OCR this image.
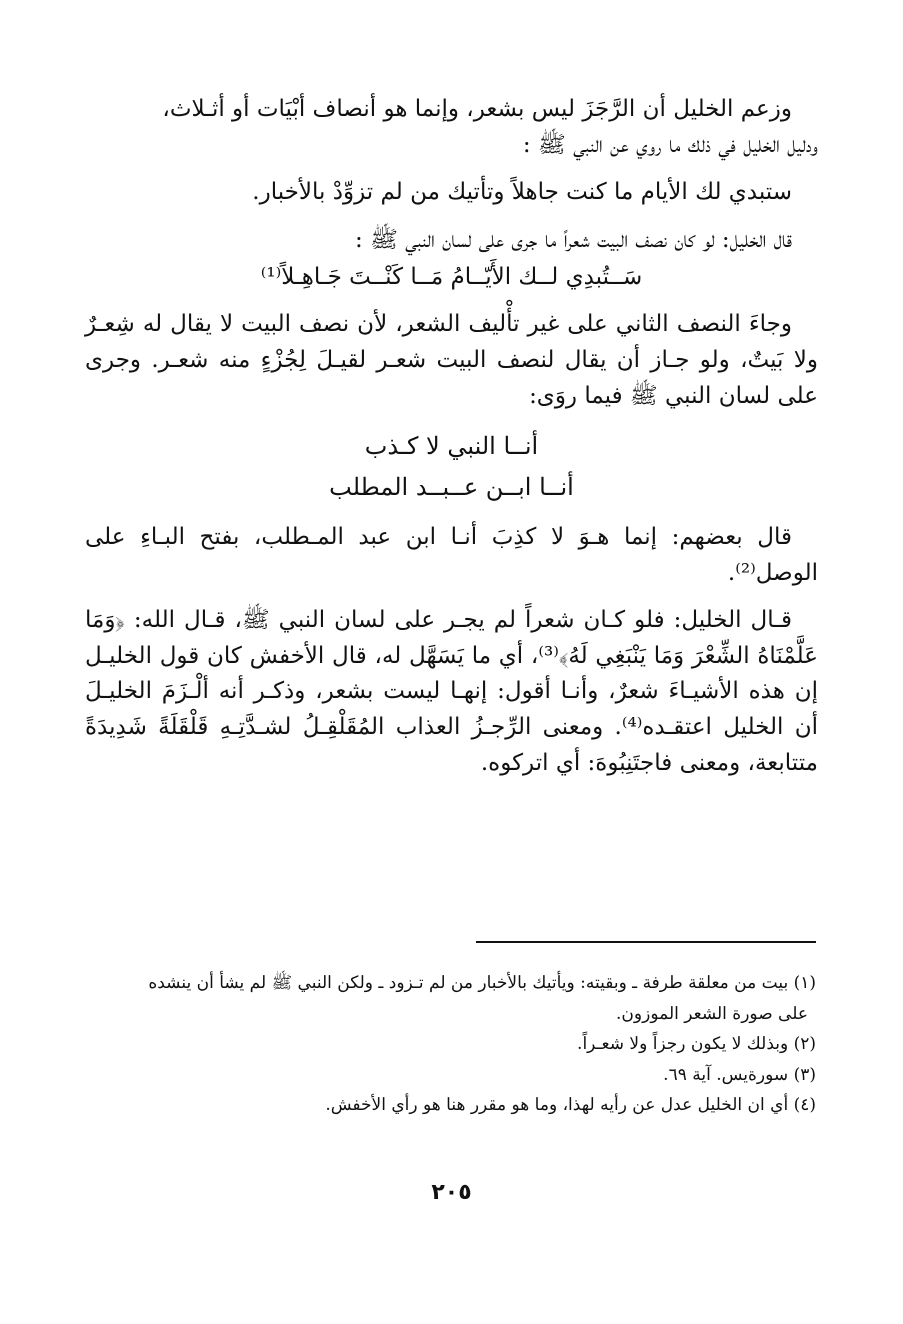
وزعم الخليل أن الرَّجَزَ ليس بشعر، وإنما هو أنصاف أبْيَات أو أثـلاث،

ودليل الخليل في ذلك ما روي عن النبي ﷺ :

ستبدي لك الأيام ما كنت جاهلاً وتأتيك من لم تزوِّدْ بالأخبار.

قال الخليل: لو كان نصف البيت شعراً ما جرى على لسان النبي ﷺ :

سَــتُبدِي لــك الأَيّــامُ مَــا كَنْــتَ جَـاهِـلاً⁽¹⁾

وجاءَ النصف الثاني على غير تأْليف الشعر، لأن نصف البيت لا يقال له شِعـرٌ ولا بَيتٌ، ولو جـاز أن يقال لنصف البيت شعـر لقيـلَ لِجُزْءٍ منه شعـر. وجرى على لسان النبي ﷺ فيما روَى:

أنــا النبي لا كـذب

أنــا ابــن عــبــد المطلب

قال بعضهم: إنما هـوَ لا كذِبَ أنـا ابن عبد المـطلب، بفتح البـاءِ على الوصل⁽²⁾.

قـال الخليل: فلو كـان شعراً لم يجـر على لسان النبي ﷺ، قـال الله: ﴿وَمَا عَلَّمْنَاهُ الشِّعْرَ وَمَا يَنْبَغِي لَهُ﴾⁽³⁾، أي ما يَسَهَّل له، قال الأخفش كان قول الخليـل إن هذه الأشيـاءَ شعرٌ، وأنـا أقول: إنهـا ليست بشعر، وذكـر أنه ألْـزَمَ الخليـلَ أن الخليل اعتقـده⁽⁴⁾. ومعنى الرِّجـزُ العذاب المُقَلْقِـلُ لشـدَّتِـهِ قَلْقَلَةً شَدِيدَةً متتابعة، ومعنى فاجتَنِبُوهَ: أي اتركوه.

(١) بيت من معلقة طرفة ـ وبقيته: ويأتيك بالأخبار من لم تـزود ـ ولكن النبي ﷺ لم يشأ أن ينشده

على صورة الشعر الموزون.

(٢) وبذلك لا يكون رجزاً ولا شعـراً.

(٣) سورةيس. آية ٦٩.

(٤) أي ان الخليل عدل عن رأيه لهذا، وما هو مقرر هنا هو رأي الأخفش.

٢٠٥
